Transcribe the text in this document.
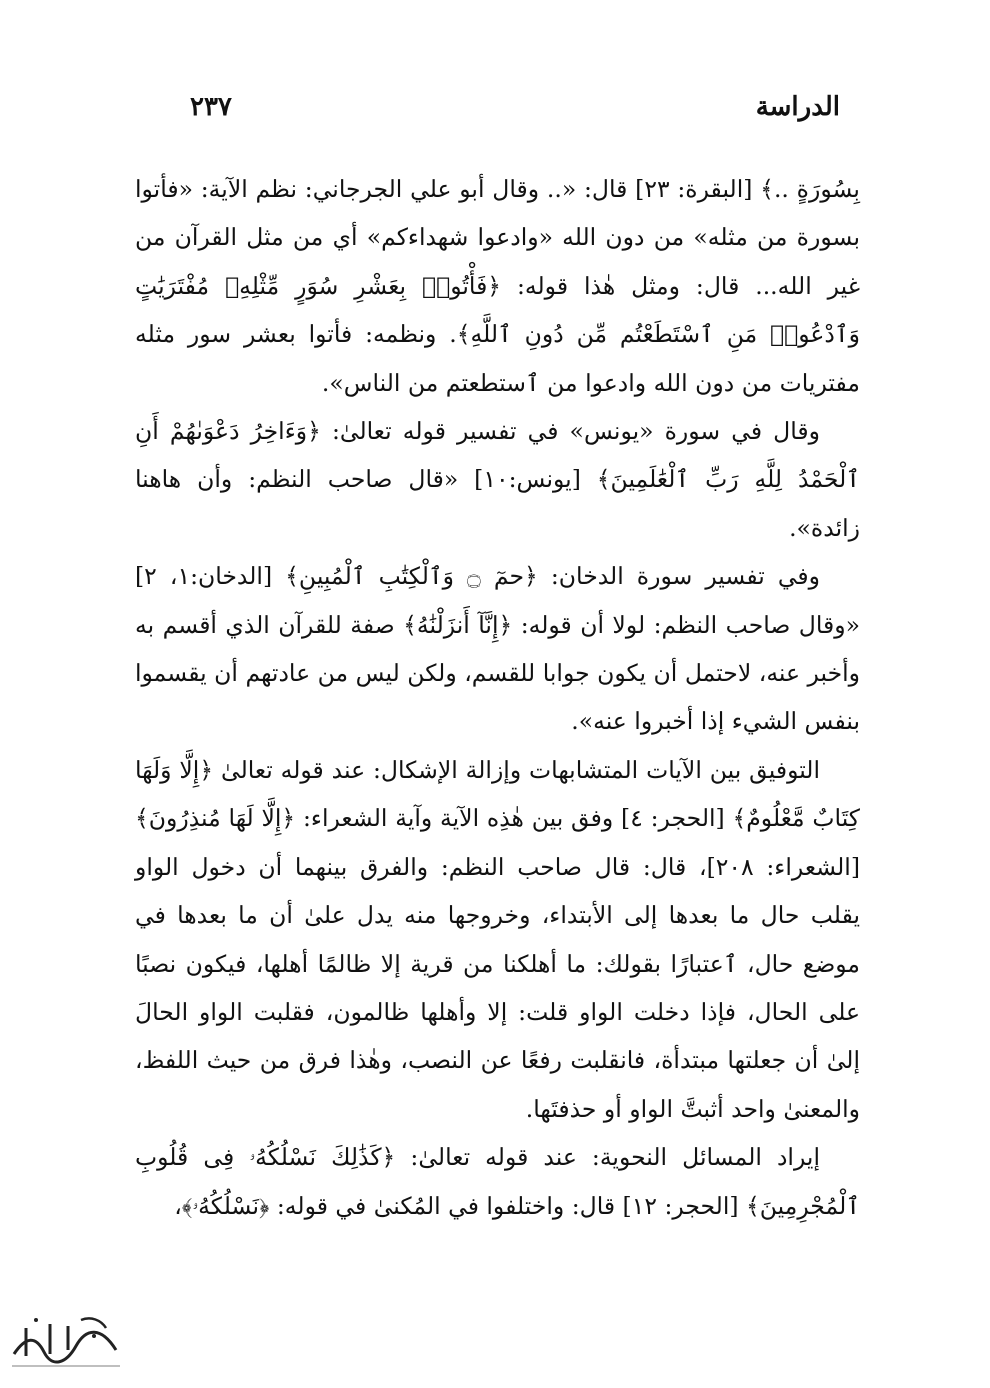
الدراسة
٢٣٧

بِسُورَةٍ ..﴾ [البقرة: ٢٣] قال: «.. وقال أبو علي الجرجاني: نظم الآية: «فأتوا بسورة من مثله» من دون الله «وادعوا شهداءكم» أي من مثل القرآن من غير الله... قال: ومثل هٰذا قوله: ﴿فَأْتُوا۟ بِعَشْرِ سُوَرٍ مِّثْلِهِۦ مُفْتَرَيَٰتٍ وَٱدْعُوا۟ مَنِ ٱسْتَطَعْتُم مِّن دُونِ ٱللَّهِ﴾. ونظمه: فأتوا بعشر سور مثله مفتريات من دون الله وادعوا من ٱستطعتم من الناس».

وقال في سورة «يونس» في تفسير قوله تعالىٰ: ﴿وَءَاخِرُ دَعْوَىٰهُمْ أَنِ ٱلْحَمْدُ لِلَّهِ رَبِّ ٱلْعَٰلَمِينَ﴾ [يونس:١٠] «قال صاحب النظم: وأن هاهنا زائدة».

وفي تفسير سورة الدخان: ﴿حمٓ ۝ وَٱلْكِتَٰبِ ٱلْمُبِينِ﴾ [الدخان:١، ٢] «وقال صاحب النظم: لولا أن قوله: ﴿إِنَّآ أَنزَلْنَٰهُ﴾ صفة للقرآن الذي أقسم به وأخبر عنه، لاحتمل أن يكون جوابا للقسم، ولكن ليس من عادتهم أن يقسموا بنفس الشيء إذا أخبروا عنه».

التوفيق بين الآيات المتشابهات وإزالة الإشكال: عند قوله تعالىٰ ﴿إِلَّا وَلَهَا كِتَابٌ مَّعْلُومٌ﴾ [الحجر: ٤] وفق بين هٰذِه الآية وآية الشعراء: ﴿إِلَّا لَهَا مُنذِرُونَ﴾ [الشعراء: ٢٠٨]، قال: قال صاحب النظم: والفرق بينهما أن دخول الواو يقلب حال ما بعدها إلى الأبتداء، وخروجها منه يدل علىٰ أن ما بعدها في موضع حال، ٱعتبارًا بقولك: ما أهلكنا من قرية إلا ظالمًا أهلها، فيكون نصبًا على الحال، فإذا دخلت الواو قلت: إلا وأهلها ظالمون، فقلبت الواو الحالَ إلىٰ أن جعلتها مبتدأة، فانقلبت رفعًا عن النصب، وهٰذا فرق من حيث اللفظ، والمعنىٰ واحد أثبتَّ الواو أو حذفتَها.

إيراد المسائل النحوية: عند قوله تعالىٰ: ﴿كَذَٰلِكَ نَسْلُكُهُۥ فِى قُلُوبِ ٱلْمُجْرِمِينَ﴾ [الحجر: ١٢] قال: واختلفوا في المُكنىٰ في قوله: ﴿نَسْلُكُهُۥ﴾،
